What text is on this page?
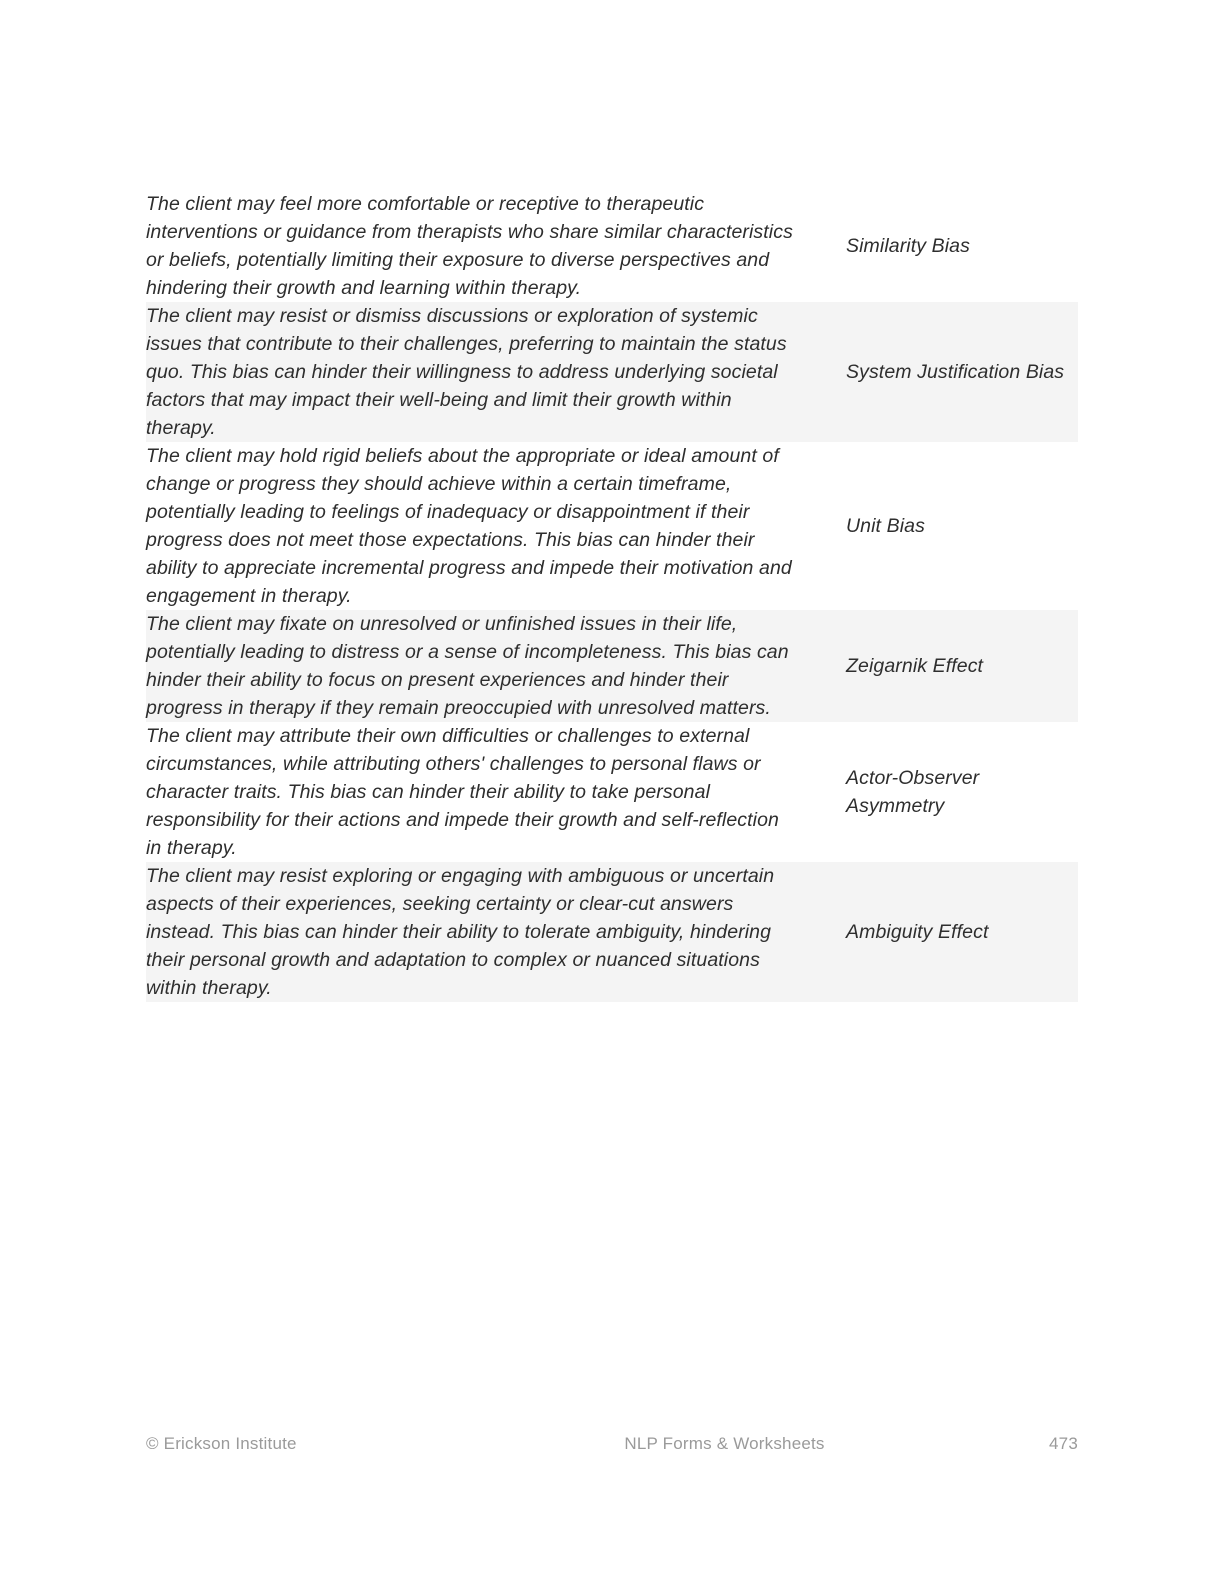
The client may feel more comfortable or receptive to therapeutic interventions or guidance from therapists who share similar characteristics or beliefs, potentially limiting their exposure to diverse perspectives and hindering their growth and learning within therapy.	Similarity Bias

The client may resist or dismiss discussions or exploration of systemic issues that contribute to their challenges, preferring to maintain the status quo. This bias can hinder their willingness to address underlying societal factors that may impact their well-being and limit their growth within therapy.	System Justification Bias

The client may hold rigid beliefs about the appropriate or ideal amount of change or progress they should achieve within a certain timeframe, potentially leading to feelings of inadequacy or disappointment if their progress does not meet those expectations. This bias can hinder their ability to appreciate incremental progress and impede their motivation and engagement in therapy.	Unit Bias

The client may fixate on unresolved or unfinished issues in their life, potentially leading to distress or a sense of incompleteness. This bias can hinder their ability to focus on present experiences and hinder their progress in therapy if they remain preoccupied with unresolved matters.	Zeigarnik Effect

The client may attribute their own difficulties or challenges to external circumstances, while attributing others' challenges to personal flaws or character traits. This bias can hinder their ability to take personal responsibility for their actions and impede their growth and self-reflection in therapy.	Actor-Observer Asymmetry

The client may resist exploring or engaging with ambiguous or uncertain aspects of their experiences, seeking certainty or clear-cut answers instead. This bias can hinder their ability to tolerate ambiguity, hindering their personal growth and adaptation to complex or nuanced situations within therapy.	Ambiguity Effect

© Erickson Institute	NLP Forms & Worksheets	473
